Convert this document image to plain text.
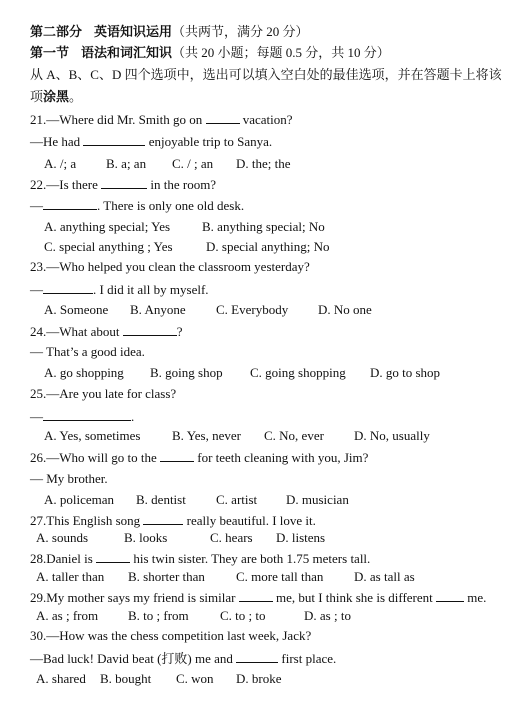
第二部分 英语知识运用（共两节，满分 20 分）
第一节 语法和词汇知识（共 20 小题；每题 0.5 分，共 10 分）
从 A、B、C、D 四个选项中，选出可以填入空白处的最佳选项，并在答题卡上将该
项涂黑。
21.—Where did Mr. Smith go on	vacation?
—He had	enjoyable trip to Sanya.
A. /; a B. a; an C. / ; an D. the; the
22.—Is there	in the room?
—	. There is only one old desk.
A. anything special; Yes B. anything special; No
C. special anything ; Yes	D. special anything; No
23.—Who helped you clean the classroom yesterday?
—	. I did it all by myself.
A. Someone B. Anyone C. Everybody D. No one
24.—What about	?
— That’s a good idea.
A. go shopping B. going shop C. going shopping D. go to shop
25.—Are you late for class?
—	.
A. Yes, sometimes B. Yes, never C. No, ever D. No, usually
26.—Who will go to the	for teeth cleaning with you, Jim?
— My brother.
A. policeman B. dentist C. artist D. musician
27.This English song	really beautiful. I love it.
A. sounds	B. looks	C. hears D. listens
28.Daniel is	his twin sister. They are both 1.75 meters tall.
A. taller than B. shorter than C. more tall than D. as tall as
29.My mother says my friend is similar	me, but I think she is different  me.
A. as ; from B. to ; from C. to ; to	D. as ; to
30.—How was the chess competition last week, Jack?
—Bad luck! David beat (打败) me and	first place.
A. shared B. bought C. won D. broke
